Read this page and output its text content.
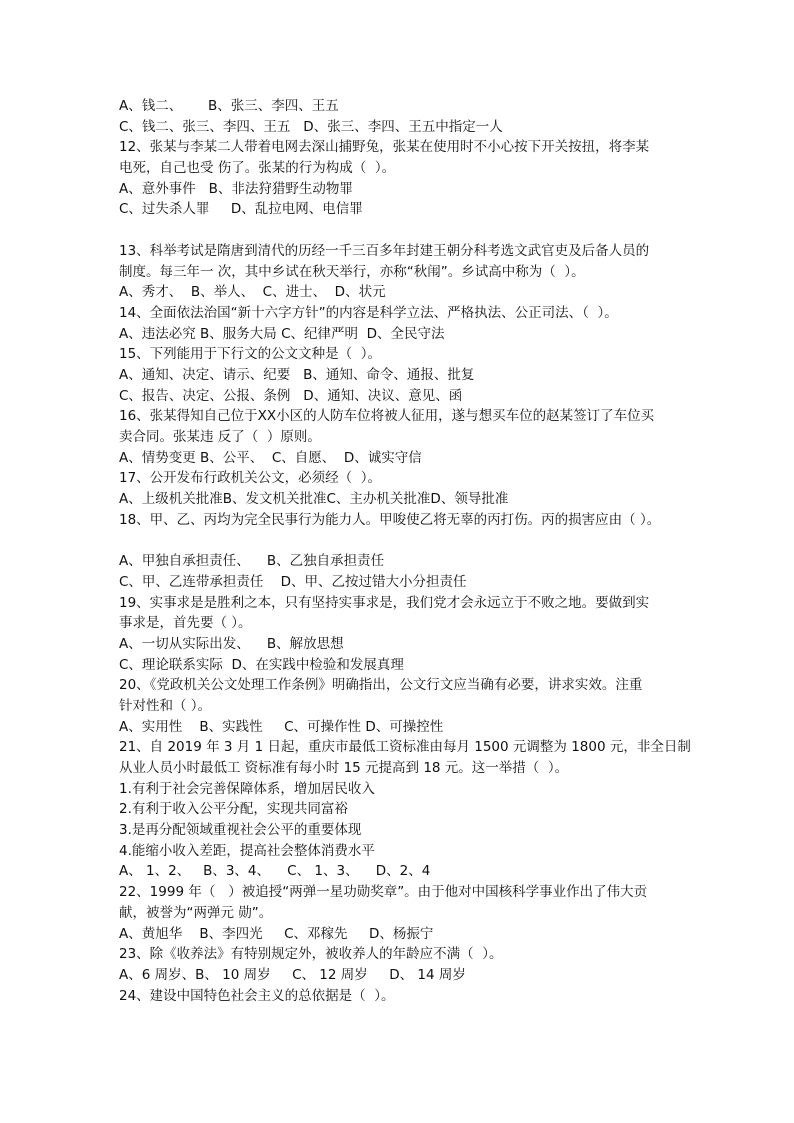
A、钱二、      B、张三、李四、王五
C、钱二、张三、李四、王五   D、张三、李四、王五中指定一人
12、张某与李某二人带着电网去深山捕野兔，张某在使用时不小心按下开关按扭，将李某
电死，自己也受 伤了。张某的行为构成（  ）。
A、意外事件   B、非法狩猎野生动物罪
C、过失杀人罪     D、乱拉电网、电信罪
13、科举考试是隋唐到清代的历经一千三百多年封建王朝分科考选文武官吏及后备人员的
制度。每三年一 次，其中乡试在秋天举行，亦称“秋闱”。乡试高中称为（  ）。
A、秀才、  B、举人、  C、进士、  D、状元
14、全面依法治国“新十六字方针”的内容是科学立法、严格执法、公正司法、（  ）。
A、违法必究 B、服务大局 C、纪律严明  D、全民守法
15、下列能用于下行文的公文文种是（  ）。
A、通知、决定、请示、纪要   B、通知、命令、通报、批复
C、报告、决定、公报、条例   D、通知、决议、意见、函
16、张某得知自己位于XX小区的人防车位将被人征用，遂与想买车位的赵某签订了车位买
卖合同。张某违 反了（  ）原则。
A、情势变更 B、公平、  C、自愿、  D、诚实守信
17、公开发布行政机关公文，必须经（  ）。
A、上级机关批准B、发文机关批准C、主办机关批准D、领导批准
18、甲、乙、丙均为完全民事行为能力人。甲唆使乙将无辜的丙打伤。丙的损害应由（ ）。
A、甲独自承担责任、    B、乙独自承担责任
C、甲、乙连带承担责任    D、甲、乙按过错大小分担责任
19、实事求是是胜利之本，只有坚持实事求是，我们党才会永远立于不败之地。要做到实
事求是，首先要（ ）。
A、一切从实际出发、    B、解放思想
C、理论联系实际  D、在实践中检验和发展真理
20、《党政机关公文处理工作条例》明确指出，公文行文应当确有必要，讲求实效。注重
针对性和（ ）。
A、实用性    B、实践性     C、可操作性 D、可操控性
21、自 2019 年 3 月 1 日起，重庆市最低工资标准由每月 1500 元调整为 1800 元，非全日制
从业人员小时最低工 资标准有每小时 15 元提高到 18 元。这一举措（  ）。
1.有利于社会完善保障体系，增加居民收入
2.有利于收入公平分配，实现共同富裕
3.是再分配领域重视社会公平的重要体现
4.能缩小收入差距，提高社会整体消费水平
A、 1、2、   B、3、4、    C、 1、3、    D、2、4
22、1999 年（   ）被追授“两弹一星功勋奖章”。由于他对中国核科学事业作出了伟大贡
献，被誉为“两弹元 勋”。
A、黄旭华    B、李四光     C、邓稼先     D、杨振宁
23、除《收养法》有特别规定外，被收养人的年龄应不满（  ）。
A、6 周岁、B、 10 周岁     C、 12 周岁     D、 14 周岁
24、建设中国特色社会主义的总依据是（  ）。
